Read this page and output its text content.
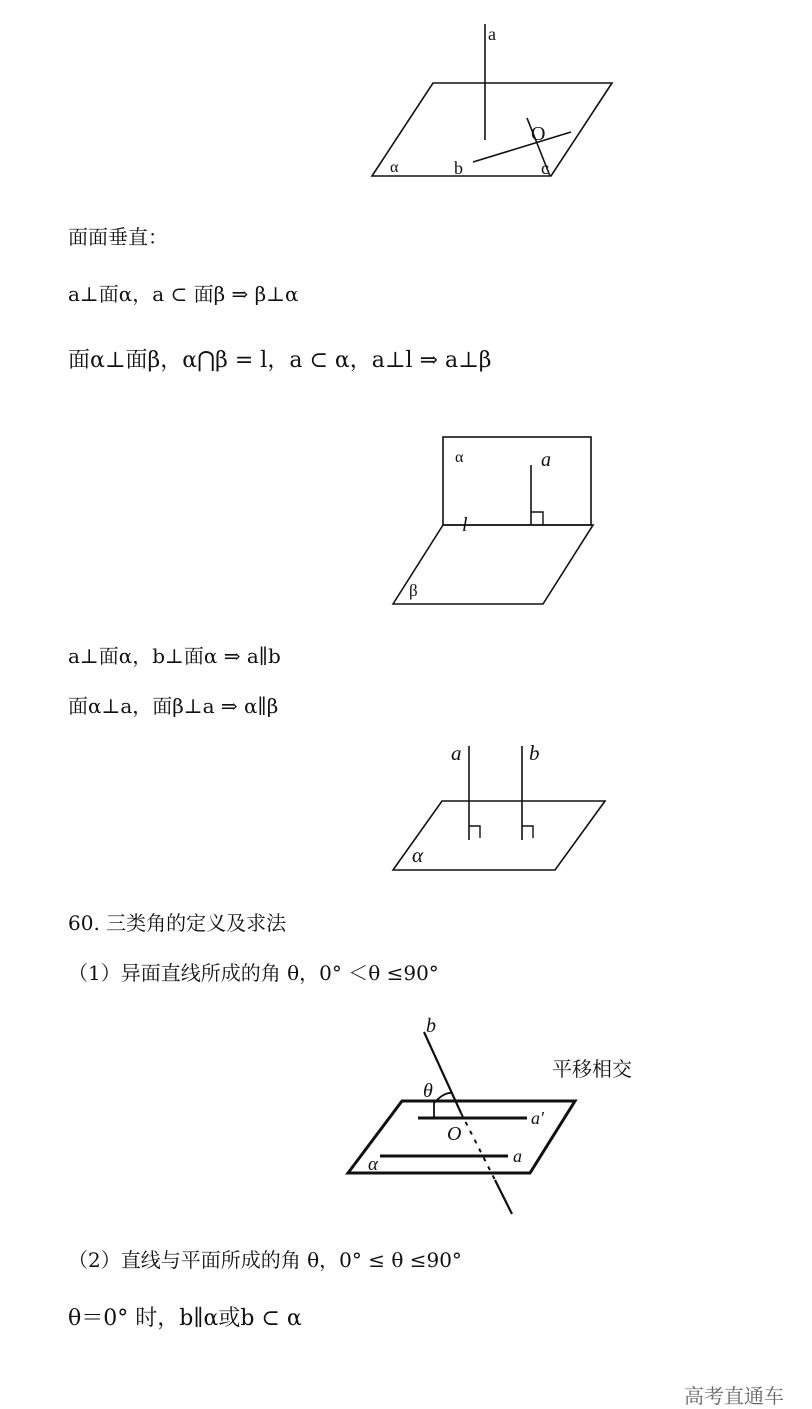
a
O
α	b	c
面面垂直：
a⊥面α，a ⊂ 面β ⇒ β⊥α
面α⊥面β，α⋂β = l，a ⊂ α，a⊥l ⇒ a⊥β
α	a
l
β
a⊥面α，b⊥面α ⇒ a∥b
面α⊥a，面β⊥a ⇒ α∥β
a	b
α
60. 三类角的定义及求法
（1）异面直线所成的角 θ，0° ＜θ ≤90°
b
θ
平移相交
a'
O
a
α
（2）直线与平面所成的角 θ，0° ≤ θ ≤90°
θ＝0° 时，b∥α或b ⊂ α
高考直通车
